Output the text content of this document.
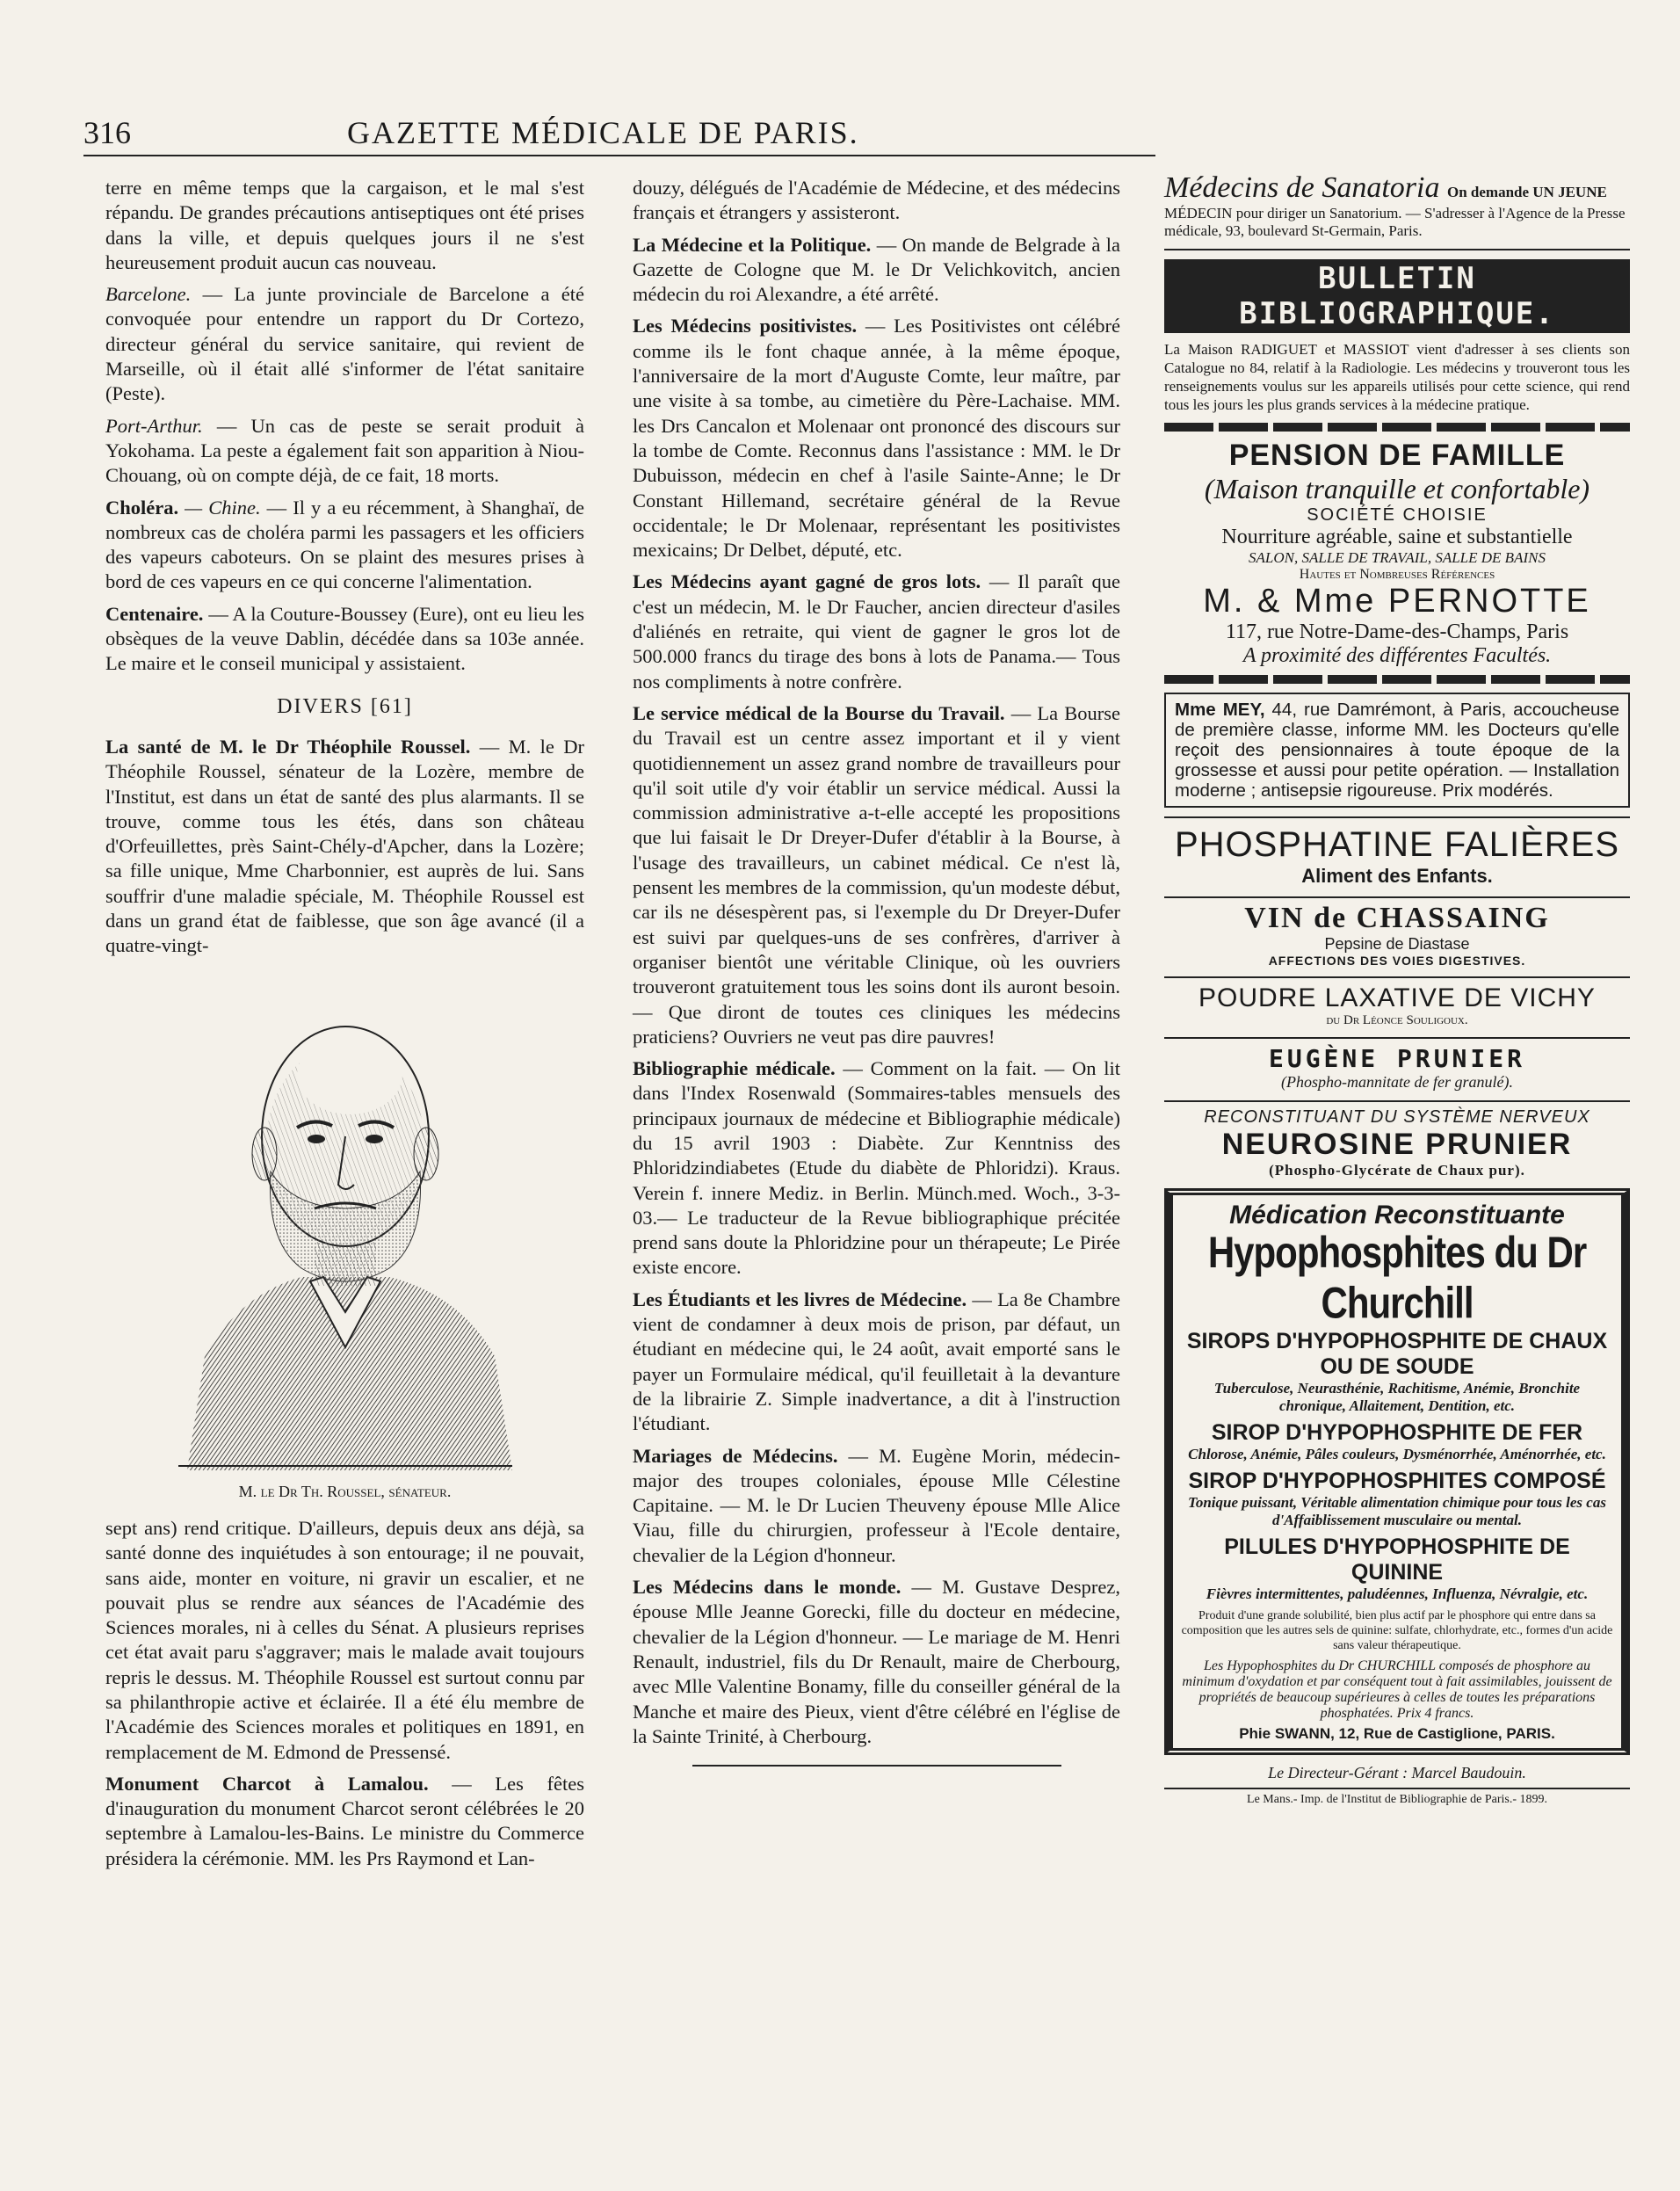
316	GAZETTE MÉDICALE DE PARIS.

terre en même temps que la cargaison, et le mal s'est répandu. De grandes précautions antiseptiques ont été prises dans la ville, et depuis quelques jours il ne s'est heureusement produit aucun cas nouveau.

Barcelone. — La junte provinciale de Barcelone a été convoquée pour entendre un rapport du Dr Cortezo, directeur général du service sanitaire, qui revient de Marseille, où il était allé s'informer de l'état sanitaire (Peste).

Port-Arthur. — Un cas de peste se serait produit à Yokohama. La peste a également fait son apparition à Niou-Chouang, où on compte déjà, de ce fait, 18 morts.

Choléra. — Chine. — Il y a eu récemment, à Shanghaï, de nombreux cas de choléra parmi les passagers et les officiers des vapeurs caboteurs. On se plaint des mesures prises à bord de ces vapeurs en ce qui concerne l'alimentation.

Centenaire. — A la Couture-Boussey (Eure), ont eu lieu les obsèques de la veuve Dablin, décédée dans sa 103e année. Le maire et le conseil municipal y assistaient.

DIVERS [61]

La santé de M. le Dr Théophile Roussel. — M. le Dr Théophile Roussel, sénateur de la Lozère, membre de l'Institut, est dans un état de santé des plus alarmants. Il se trouve, comme tous les étés, dans son château d'Orfeuillettes, près Saint-Chély-d'Apcher, dans la Lozère; sa fille unique, Mme Charbonnier, est auprès de lui. Sans souffrir d'une maladie spéciale, M. Théophile Roussel est dans un grand état de faiblesse, que son âge avancé (il a quatre-vingt-

M. le Dr Th. Roussel, sénateur.

sept ans) rend critique. D'ailleurs, depuis deux ans déjà, sa santé donne des inquiétudes à son entourage; il ne pouvait, sans aide, monter en voiture, ni gravir un escalier, et ne pouvait plus se rendre aux séances de l'Académie des Sciences morales, ni à celles du Sénat. A plusieurs reprises cet état avait paru s'aggraver; mais le malade avait toujours repris le dessus. M. Théophile Roussel est surtout connu par sa philanthropie active et éclairée. Il a été élu membre de l'Académie des Sciences morales et politiques en 1891, en remplacement de M. Edmond de Pressensé.

Monument Charcot à Lamalou. — Les fêtes d'inauguration du monument Charcot seront célébrées le 20 septembre à Lamalou-les-Bains. Le ministre du Commerce présidera la cérémonie. MM. les Prs Raymond et Lan-

douzy, délégués de l'Académie de Médecine, et des médecins français et étrangers y assisteront.

La Médecine et la Politique. — On mande de Belgrade à la Gazette de Cologne que M. le Dr Velichkovitch, ancien médecin du roi Alexandre, a été arrêté.

Les Médecins positivistes. — Les Positivistes ont célébré comme ils le font chaque année, à la même époque, l'anniversaire de la mort d'Auguste Comte, leur maître, par une visite à sa tombe, au cimetière du Père-Lachaise. MM. les Drs Cancalon et Molenaar ont prononcé des discours sur la tombe de Comte. Reconnus dans l'assistance : MM. le Dr Dubuisson, médecin en chef à l'asile Sainte-Anne; le Dr Constant Hillemand, secrétaire général de la Revue occidentale; le Dr Molenaar, représentant les positivistes mexicains; Dr Delbet, député, etc.

Les Médecins ayant gagné de gros lots. — Il paraît que c'est un médecin, M. le Dr Faucher, ancien directeur d'asiles d'aliénés en retraite, qui vient de gagner le gros lot de 500.000 francs du tirage des bons à lots de Panama.— Tous nos compliments à notre confrère.

Le service médical de la Bourse du Travail. — La Bourse du Travail est un centre assez important et il y vient quotidiennement un assez grand nombre de travailleurs pour qu'il soit utile d'y voir établir un service médical. Aussi la commission administrative a-t-elle accepté les propositions que lui faisait le Dr Dreyer-Dufer d'établir à la Bourse, à l'usage des travailleurs, un cabinet médical. Ce n'est là, pensent les membres de la commission, qu'un modeste début, car ils ne désespèrent pas, si l'exemple du Dr Dreyer-Dufer est suivi par quelques-uns de ses confrères, d'arriver à organiser bientôt une véritable Clinique, où les ouvriers trouveront gratuitement tous les soins dont ils auront besoin. — Que diront de toutes ces cliniques les médecins praticiens? Ouvriers ne veut pas dire pauvres!

Bibliographie médicale. — Comment on la fait. — On lit dans l'Index Rosenwald (Sommaires-tables mensuels des principaux journaux de médecine et Bibliographie médicale) du 15 avril 1903 : Diabète. Zur Kenntniss des Phloridzindiabetes (Etude du diabète de Phloridzi). Kraus. Verein f. innere Mediz. in Berlin. Münch.med. Woch., 3-3-03.— Le traducteur de la Revue bibliographique précitée prend sans doute la Phloridzine pour un thérapeute; Le Pirée existe encore.

Les Étudiants et les livres de Médecine. — La 8e Chambre vient de condamner à deux mois de prison, par défaut, un étudiant en médecine qui, le 24 août, avait emporté sans le payer un Formulaire médical, qu'il feuilletait à la devanture de la librairie Z. Simple inadvertance, a dit à l'instruction l'étudiant.

Mariages de Médecins. — M. Eugène Morin, médecin-major des troupes coloniales, épouse Mlle Célestine Capitaine. — M. le Dr Lucien Theuveny épouse Mlle Alice Viau, fille du chirurgien, professeur à l'Ecole dentaire, chevalier de la Légion d'honneur.

Les Médecins dans le monde. — M. Gustave Desprez, épouse Mlle Jeanne Gorecki, fille du docteur en médecine, chevalier de la Légion d'honneur. — Le mariage de M. Henri Renault, industriel, fils du Dr Renault, maire de Cherbourg, avec Mlle Valentine Bonamy, fille du conseiller général de la Manche et maire des Pieux, vient d'être célébré en l'église de la Sainte Trinité, à Cherbourg.

Médecins de Sanatoria On demande UN JEUNE
MÉDECIN pour diriger un Sanatorium. — S'adresser à l'Agence de la Presse médicale, 93, boulevard St-Germain, Paris.
BULLETIN BIBLIOGRAPHIQUE.
La Maison RADIGUET et MASSIOT vient d'adresser à ses clients son Catalogue no 84, relatif à la Radiologie. Les médecins y trouveront tous les renseignements voulus sur les appareils utilisés pour cette science, qui rend tous les jours les plus grands services à la médecine pratique.
PENSION DE FAMILLE
(Maison tranquille et confortable)
SOCIÉTÉ CHOISIE
Nourriture agréable, saine et substantielle
SALON, SALLE DE TRAVAIL, SALLE DE BAINS
Hautes et Nombreuses Références
M. & Mme PERNOTTE
117, rue Notre-Dame-des-Champs, Paris
A proximité des différentes Facultés.
Mme MEY, 44, rue Damrémont, à Paris, accoucheuse de première classe, informe MM. les Docteurs qu'elle reçoit des pensionnaires à toute époque de la grossesse et aussi pour petite opération. — Installation moderne ; antisepsie rigoureuse. Prix modérés.
PHOSPHATINE FALIÈRES
Aliment des Enfants.
VIN de CHASSAING
Pepsine de Diastase
AFFECTIONS DES VOIES DIGESTIVES.
POUDRE LAXATIVE DE VICHY
du Dr Léonce Souligoux.
EUGÈNE PRUNIER
(Phospho-mannitate de fer granulé).
RECONSTITUANT DU SYSTÈME NERVEUX
NEUROSINE PRUNIER
(Phospho-Glycérate de Chaux pur).
Médication Reconstituante
Hypophosphites du Dr Churchill
SIROPS D'HYPOPHOSPHITE DE CHAUX OU DE SOUDE
Tuberculose, Neurasthénie, Rachitisme, Anémie, Bronchite chronique, Allaitement, Dentition, etc.
SIROP D'HYPOPHOSPHITE DE FER
Chlorose, Anémie, Pâles couleurs, Dysménorrhée, Aménorrhée, etc.
SIROP D'HYPOPHOSPHITES COMPOSÉ
Tonique puissant, Véritable alimentation chimique pour tous les cas d'Affaiblissement musculaire ou mental.
PILULES D'HYPOPHOSPHITE DE QUININE
Fièvres intermittentes, paludéennes, Influenza, Névralgie, etc.
Produit d'une grande solubilité, bien plus actif par le phosphore qui entre dans sa composition que les autres sels de quinine: sulfate, chlorhydrate, etc., formes d'un acide sans valeur thérapeutique.
Les Hypophosphites du Dr CHURCHILL composés de phosphore au minimum d'oxydation et par conséquent tout à fait assimilables, jouissent de propriétés de beaucoup supérieures à celles de toutes les préparations phosphatées. Prix 4 francs.
Phie SWANN, 12, Rue de Castiglione, PARIS.
Le Directeur-Gérant : Marcel Baudouin.
Le Mans.- Imp. de l'Institut de Bibliographie de Paris.- 1899.
